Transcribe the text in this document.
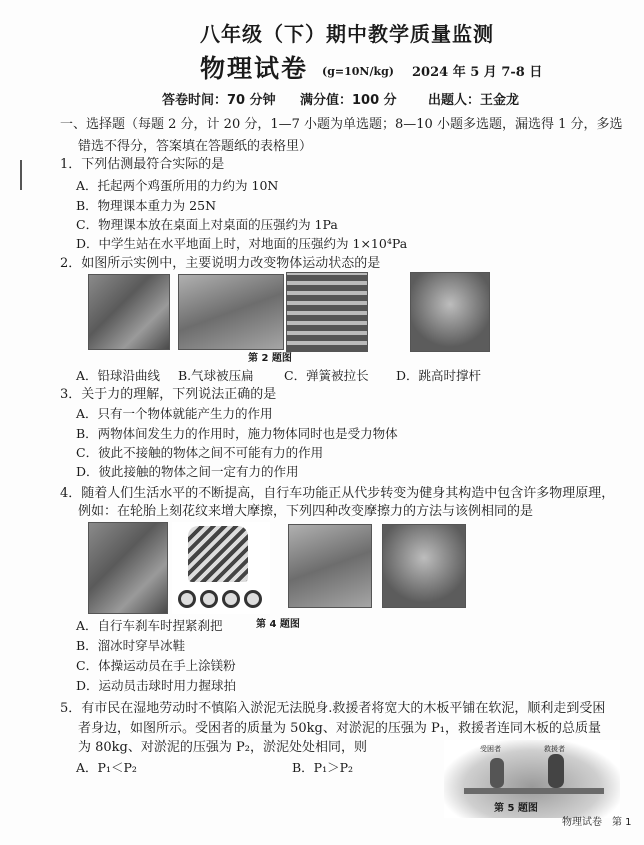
八年级（下）期中教学质量监测
物理试卷 (g=10N/kg) 2024 年 5 月 7-8 日
答卷时间：70 分钟 满分值：100 分 出题人：王金龙
一、选择题（每题 2 分，计 20 分，1—7 小题为单选题；8—10 小题多选题，漏选得 1 分，多选
错选不得分，答案填在答题纸的表格里）
1．下列估测最符合实际的是
A．托起两个鸡蛋所用的力约为 10N
B．物理课本重力为 25N
C．物理课本放在桌面上对桌面的压强约为 1Pa
D．中学生站在水平地面上时，对地面的压强约为 1×10⁴Pa
2．如图所示实例中，主要说明力改变物体运动状态的是
第 2 题图
A．铅球沿曲线 B.气球被压扁 C．弹簧被拉长 D．跳高时撑杆
3．关于力的理解，下列说法正确的是
A．只有一个物体就能产生力的作用
B．两物体间发生力的作用时，施力物体同时也是受力物体
C．彼此不接触的物体之间不可能有力的作用
D．彼此接触的物体之间一定有力的作用
4．随着人们生活水平的不断提高，自行车功能正从代步转变为健身其构造中包含许多物理原理，
例如：在轮胎上刻花纹来增大摩擦，下列四种改变摩擦力的方法与该例相同的是
第 4 题图
A．自行车刹车时捏紧刹把
B．溜冰时穿旱冰鞋
C．体操运动员在手上涂镁粉
D．运动员击球时用力握球拍
5．有市民在湿地劳动时不慎陷入淤泥无法脱身.救援者将宽大的木板平铺在软泥，顺利走到受困
者身边，如图所示。受困者的质量为 50kg、对淤泥的压强为 P₁，救援者连同木板的总质量
为 80kg、对淤泥的压强为 P₂，淤泥处处相同，则
A．P₁＜P₂	B．P₁＞P₂
受困者	救援者
第 5 题图
物理试卷　第 1
